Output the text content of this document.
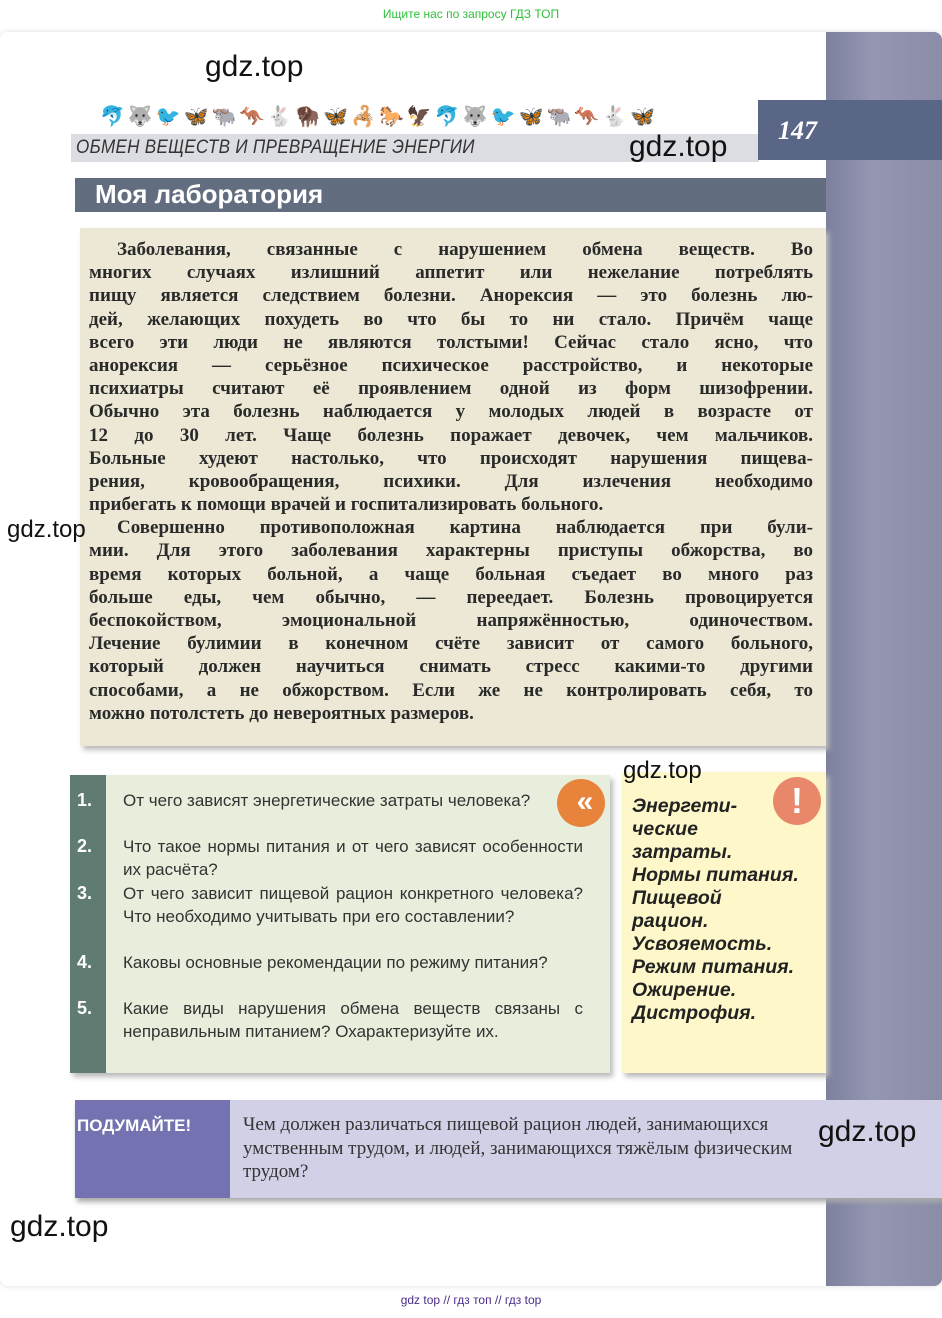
Ищите нас по запросу ГДЗ ТОП
gdz.top
🐬🐺🐦🦋🐃🦘🐇🦬🦋🦂🐎🦅🐬🐺🐦🦋🐃🦘🐇🦋
ОБМЕН ВЕЩЕСТВ И ПРЕВРАЩЕНИЕ ЭНЕРГИИ	gdz.top	147
Моя лаборатория
Заболевания, связанные с нарушением обмена веществ. Во
многих случаях излишний аппетит или нежелание потреблять
пищу является следствием болезни. Анорексия — это болезнь лю-
дей, желающих похудеть во что бы то ни стало. Причём чаще
всего эти люди не являются толстыми! Сейчас стало ясно, что
анорексия — серьёзное психическое расстройство, и некоторые
психиатры считают её проявлением одной из форм шизофрении.
Обычно эта болезнь наблюдается у молодых людей в возрасте от
12 до 30 лет. Чаще болезнь поражает девочек, чем мальчиков.
Больные худеют настолько, что происходят нарушения пищева-
рения, кровообращения, психики. Для излечения необходимо
прибегать к помощи врачей и госпитализировать больного.
Совершенно противоположная картина наблюдается при були-
мии. Для этого заболевания характерны приступы обжорства, во
время которых больной, а чаще больная съедает во много раз
больше еды, чем обычно, — переедает. Болезнь провоцируется
беспокойством, эмоциональной напряжённостью, одиночеством.
Лечение булимии в конечном счёте зависит от самого больного,
который должен научиться снимать стресс какими-то другими
способами, а не обжорством. Если же не контролировать себя, то
можно потолстеть до невероятных размеров.
gdz.top
1. От чего зависят энергетические затраты человека?
2. Что такое нормы питания и от чего зависят особенности их расчёта?
3. От чего зависит пищевой рацион конкретного человека? Что необходимо учитывать при его составлении?
4. Каковы основные рекомендации по режиму питания?
5. Какие виды нарушения обмена веществ связаны с неправильным питанием? Охарактеризуйте их.
«
gdz.top
Энергети-
ческие
затраты.
Нормы питания.
Пищевой
рацион.
Усвояемость.
Режим питания.
Ожирение.
Дистрофия.
!
ПОДУМАЙТЕ!	Чем должен различаться пищевой рацион людей, занимающихся умственным трудом, и людей, занимающихся тяжёлым физическим трудом?
gdz.top
gdz.top
gdz top // гдз топ // гдз top
